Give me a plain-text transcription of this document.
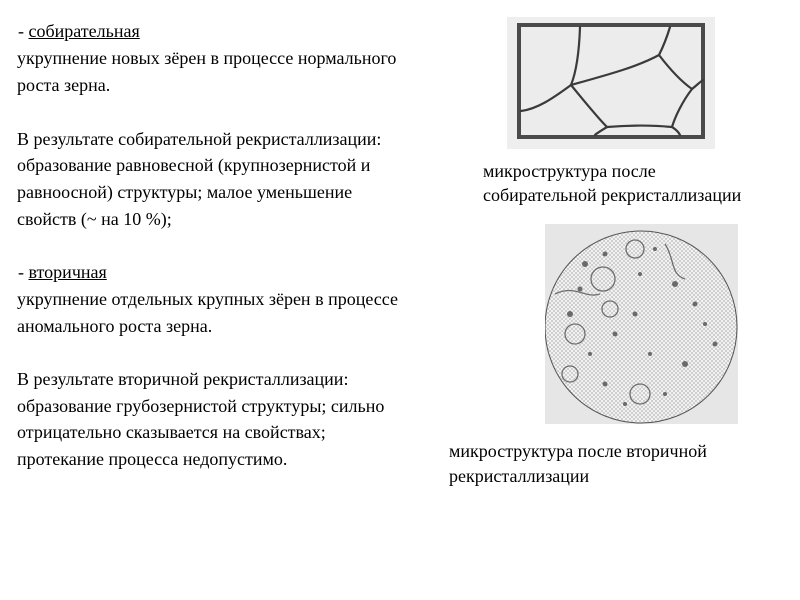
- собирательная
укрупнение новых зёрен в процессе нормального
роста зерна.
В результате собирательной рекристаллизации:
образование равновесной (крупнозернистой и
равноосной) структуры; малое уменьшение
свойств (~ на 10 %);
- вторичная
укрупнение отдельных крупных зёрен в процессе
аномального роста зерна.
В результате вторичной рекристаллизации:
образование грубозернистой структуры; сильно
отрицательно сказывается на свойствах;
протекание процесса недопустимо.
микроструктура после
собирательной рекристаллизации
микроструктура после вторичной
рекристаллизации
